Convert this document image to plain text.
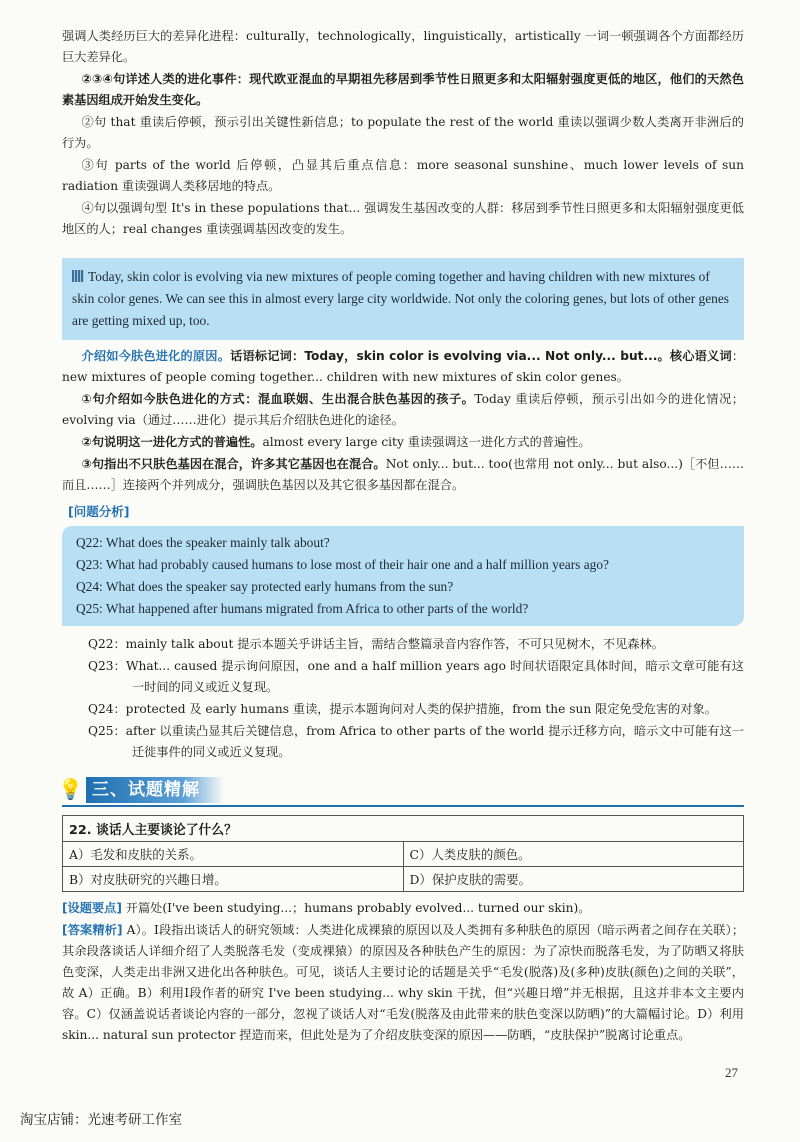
强调人类经历巨大的差异化进程：culturally，technologically，linguistically，artistically 一词一顿强调各个方面都经历巨大差异化。

②③④句详述人类的进化事件：现代欧亚混血的早期祖先移居到季节性日照更多和太阳辐射强度更低的地区，他们的天然色素基因组成开始发生变化。

②句 that 重读后停顿，预示引出关键性新信息；to populate the rest of the world 重读以强调少数人类离开非洲后的行为。

③句 parts of the world 后停顿，凸显其后重点信息：more seasonal sunshine、much lower levels of sun radiation 重读强调人类移居地的特点。

④句以强调句型 It's in these populations that... 强调发生基因改变的人群：移居到季节性日照更多和太阳辐射强度更低地区的人；real changes 重读强调基因改变的发生。

Today, skin color is evolving via new mixtures of people coming together and having children with new mixtures of skin color genes. We can see this in almost every large city worldwide. Not only the coloring genes, but lots of other genes are getting mixed up, too.

介绍如今肤色进化的原因。话语标记词：Today，skin color is evolving via... Not only... but...。核心语义词：new mixtures of people coming together... children with new mixtures of skin color genes。

①句介绍如今肤色进化的方式：混血联姻、生出混合肤色基因的孩子。Today 重读后停顿，预示引出如今的进化情况；evolving via（通过……进化）提示其后介绍肤色进化的途径。

②句说明这一进化方式的普遍性。almost every large city 重读强调这一进化方式的普遍性。

③句指出不只肤色基因在混合，许多其它基因也在混合。Not only... but... too(也常用 not only... but also...)［不但……而且……］连接两个并列成分，强调肤色基因以及其它很多基因都在混合。

[问题分析]
Q22: What does the speaker mainly talk about?
Q23: What had probably caused humans to lose most of their hair one and a half million years ago?
Q24: What does the speaker say protected early humans from the sun?
Q25: What happened after humans migrated from Africa to other parts of the world?

Q22：mainly talk about 提示本题关乎讲话主旨，需结合整篇录音内容作答，不可只见树木，不见森林。

Q23：What... caused 提示询问原因，one and a half million years ago 时间状语限定具体时间，暗示文章可能有这一时间的同义或近义复现。

Q24：protected 及 early humans 重读，提示本题询问对人类的保护措施，from the sun 限定免受危害的对象。

Q25：after 以重读凸显其后关键信息，from Africa to other parts of the world 提示迁移方向，暗示文中可能有这一迁徙事件的同义或近义复现。

💡 三、试题精解
22. 谈话人主要谈论了什么？	
A）毛发和皮肤的关系。	C）人类皮肤的颜色。
B）对皮肤研究的兴趣日增。	D）保护皮肤的需要。

[设题要点] 开篇处(I've been studying...；humans probably evolved... turned our skin)。

[答案精析] A）。Ⅰ段指出谈话人的研究领域：人类进化成裸猿的原因以及人类拥有多种肤色的原因（暗示两者之间存在关联）；其余段落谈话人详细介绍了人类脱落毛发（变成裸猿）的原因及各种肤色产生的原因：为了凉快而脱落毛发，为了防晒又将肤色变深，人类走出非洲又进化出各种肤色。可见，谈话人主要讨论的话题是关乎“毛发(脱落)及(多种)皮肤(颜色)之间的关联”，故 A）正确。B）利用Ⅰ段作者的研究 I've been studying... why skin 干扰，但“兴趣日增”并无根据，且这并非本文主要内容。C）仅涵盖说话者谈论内容的一部分，忽视了谈话人对“毛发(脱落及由此带来的肤色变深以防晒)”的大篇幅讨论。D）利用 skin... natural sun protector 捏造而来，但此处是为了介绍皮肤变深的原因——防晒，“皮肤保护”脱离讨论重点。

27
淘宝店铺：光速考研工作室
